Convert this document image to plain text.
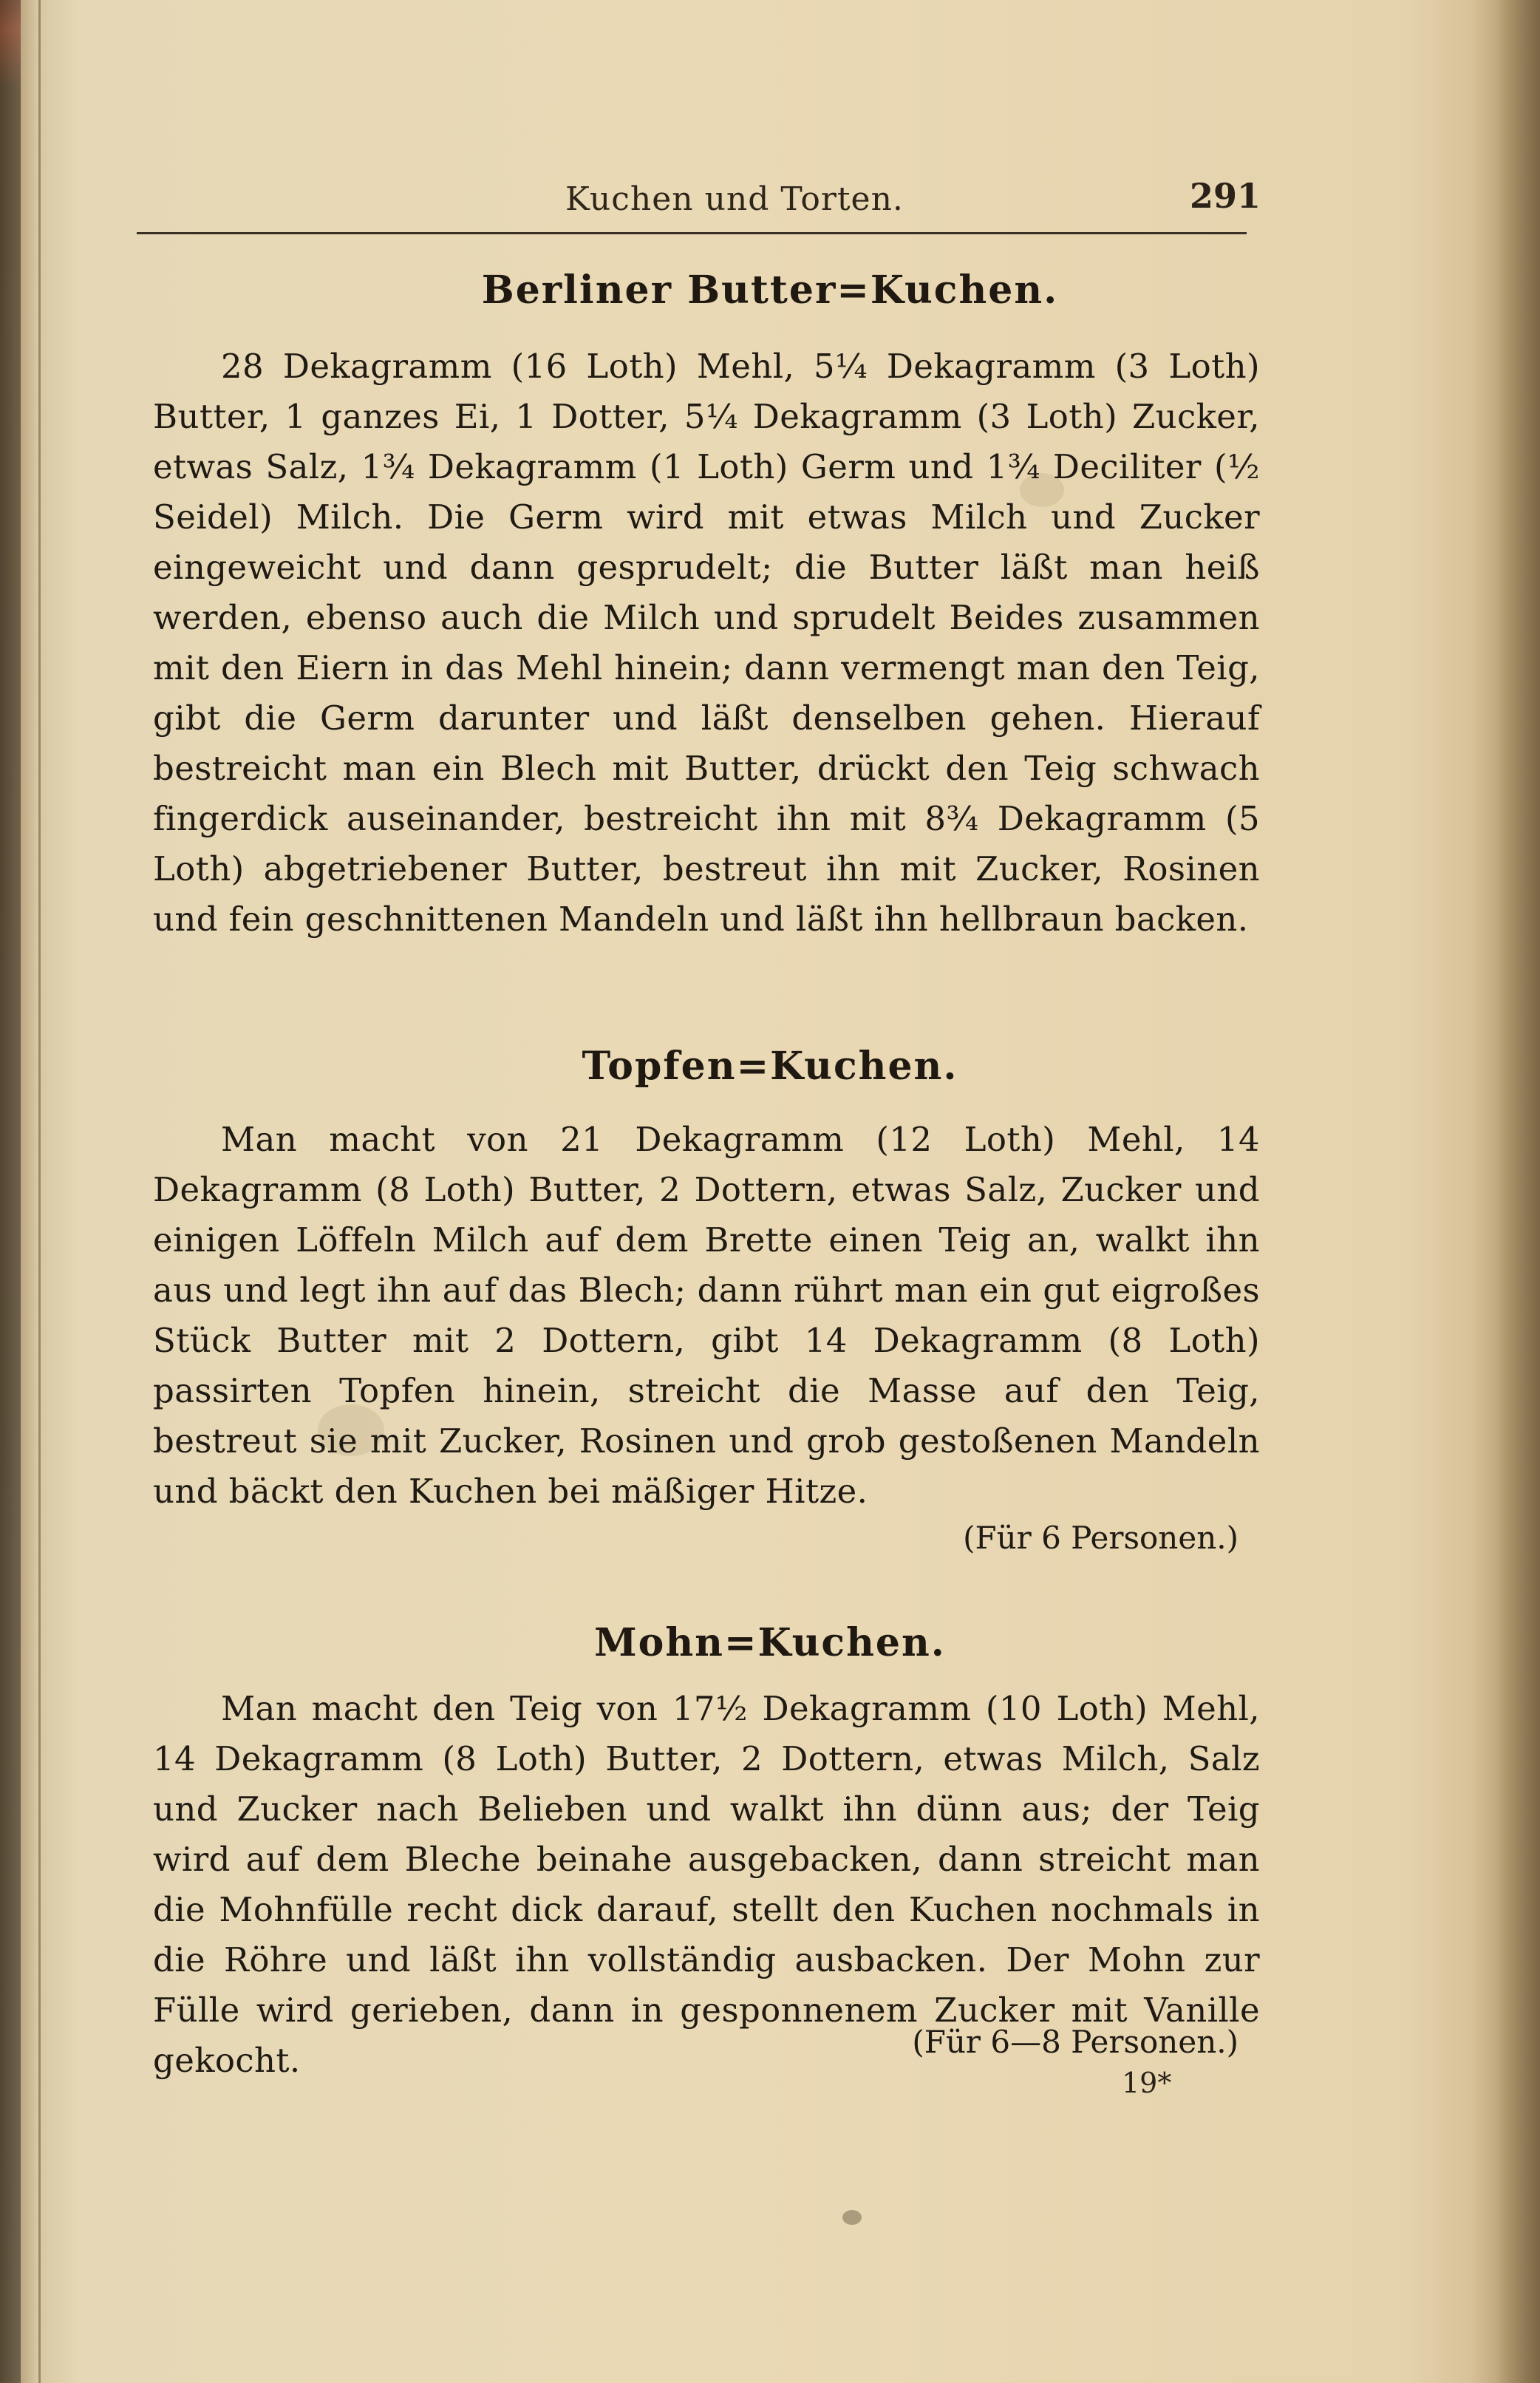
Kuchen und Torten.	291
Berliner Butter=Kuchen.

28 Dekagramm (16 Loth) Mehl, 5¼ Dekagramm (3 Loth) Butter, 1 ganzes Ei, 1 Dotter, 5¼ Dekagramm (3 Loth) Zucker, etwas Salz, 1¾ Dekagramm (1 Loth) Germ und 1¾ Deciliter (½ Seidel) Milch. Die Germ wird mit etwas Milch und Zucker eingeweicht und dann gesprudelt; die Butter läßt man heiß werden, ebenso auch die Milch und sprudelt Beides zusammen mit den Eiern in das Mehl hinein; dann vermengt man den Teig, gibt die Germ darunter und läßt denselben gehen. Hierauf bestreicht man ein Blech mit Butter, drückt den Teig schwach fingerdick auseinander, bestreicht ihn mit 8¾ Dekagramm (5 Loth) abgetriebener Butter, bestreut ihn mit Zucker, Rosinen und fein geschnittenen Mandeln und läßt ihn hellbraun backen.

Topfen=Kuchen.

Man macht von 21 Dekagramm (12 Loth) Mehl, 14 Dekagramm (8 Loth) Butter, 2 Dottern, etwas Salz, Zucker und einigen Löffeln Milch auf dem Brette einen Teig an, walkt ihn aus und legt ihn auf das Blech; dann rührt man ein gut eigroßes Stück Butter mit 2 Dottern, gibt 14 Dekagramm (8 Loth) passirten Topfen hinein, streicht die Masse auf den Teig, bestreut sie mit Zucker, Rosinen und grob gestoßenen Mandeln und bäckt den Kuchen bei mäßiger Hitze.

(Für 6 Personen.)
Mohn=Kuchen.

Man macht den Teig von 17½ Dekagramm (10 Loth) Mehl, 14 Dekagramm (8 Loth) Butter, 2 Dottern, etwas Milch, Salz und Zucker nach Belieben und walkt ihn dünn aus; der Teig wird auf dem Bleche beinahe ausgebacken, dann streicht man die Mohnfülle recht dick darauf, stellt den Kuchen nochmals in die Röhre und läßt ihn vollständig ausbacken. Der Mohn zur Fülle wird gerieben, dann in gesponnenem Zucker mit Vanille gekocht.	(Für 6—8 Personen.)
19*
